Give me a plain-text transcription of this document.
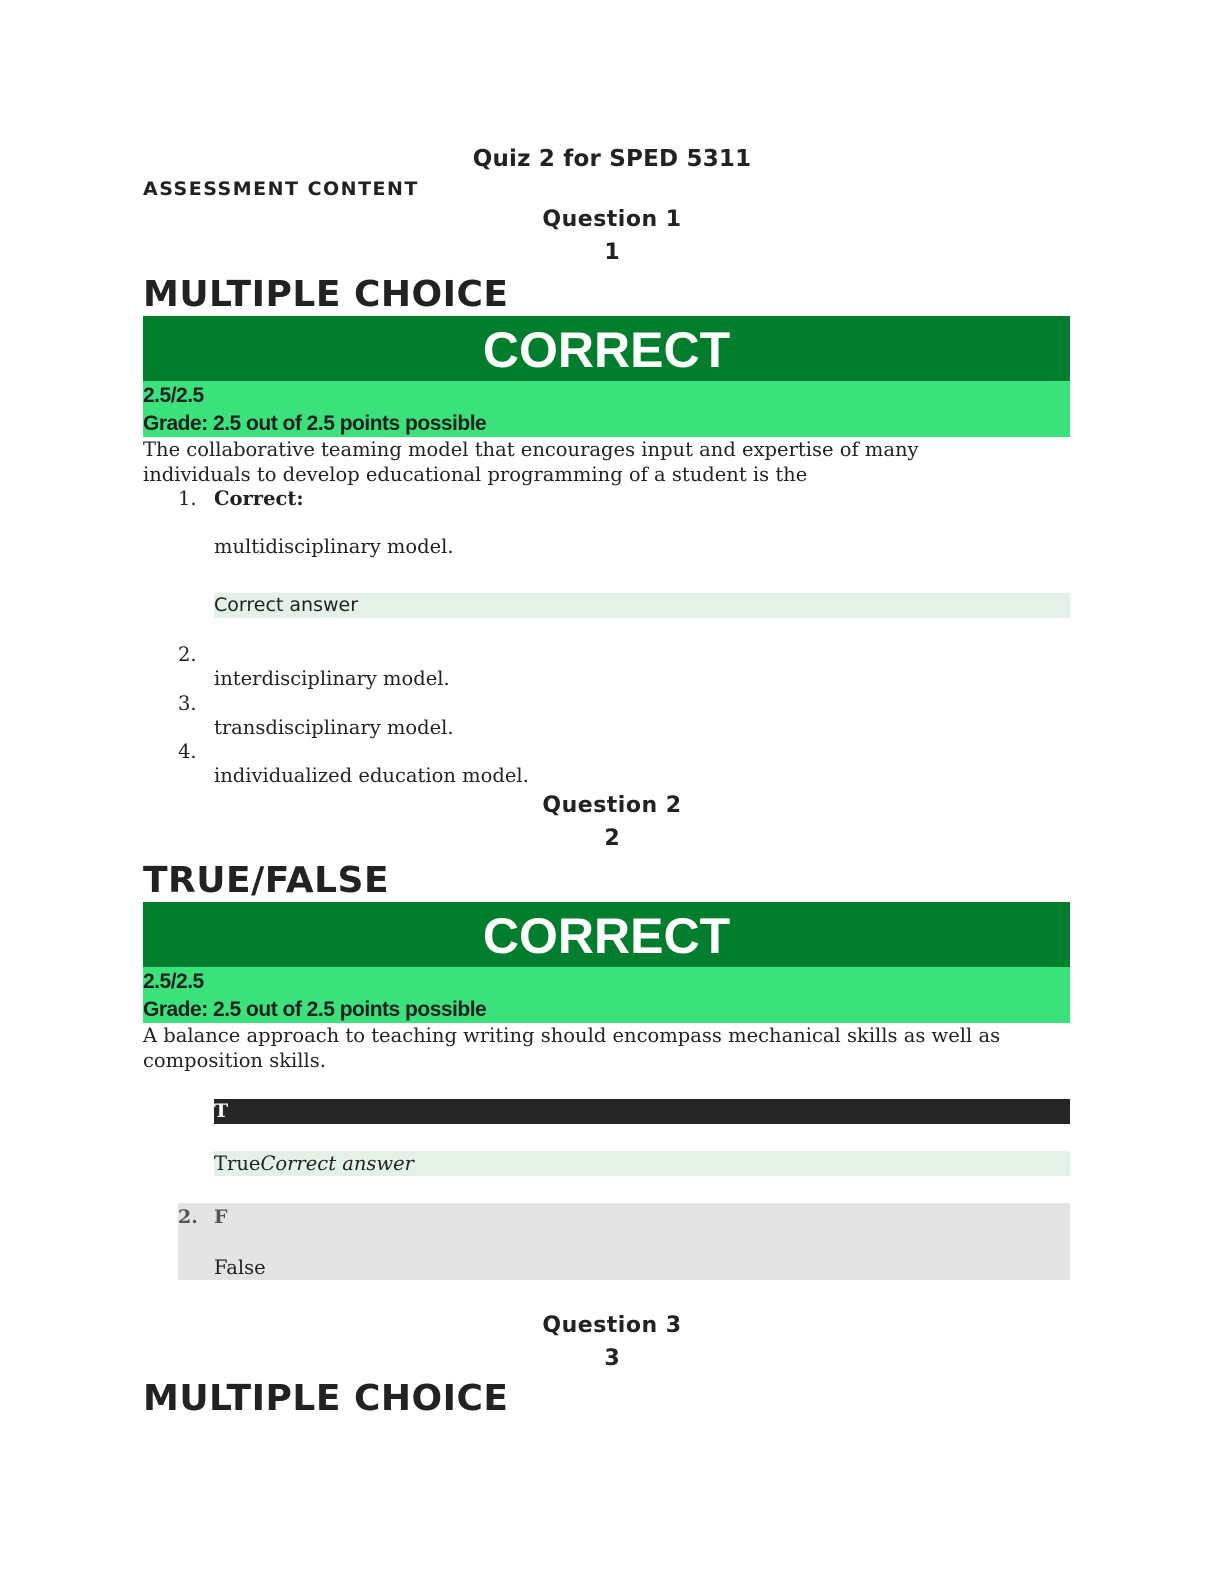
Quiz 2 for SPED 5311
ASSESSMENT CONTENT
Question 1
1
MULTIPLE CHOICE
CORRECT
2.5/2.5
Grade: 2.5 out of 2.5 points possible
The collaborative teaming model that encourages input and expertise of many
individuals to develop educational programming of a student is the
1. Correct:
multidisciplinary model.
Correct answer
2.
interdisciplinary model.
3.
transdisciplinary model.
4.
individualized education model.
Question 2
2
TRUE/FALSE
CORRECT
2.5/2.5
Grade: 2.5 out of 2.5 points possible
A balance approach to teaching writing should encompass mechanical skills as well as
composition skills.
T
TrueCorrect answer
2. F
False
Question 3
3
MULTIPLE CHOICE
